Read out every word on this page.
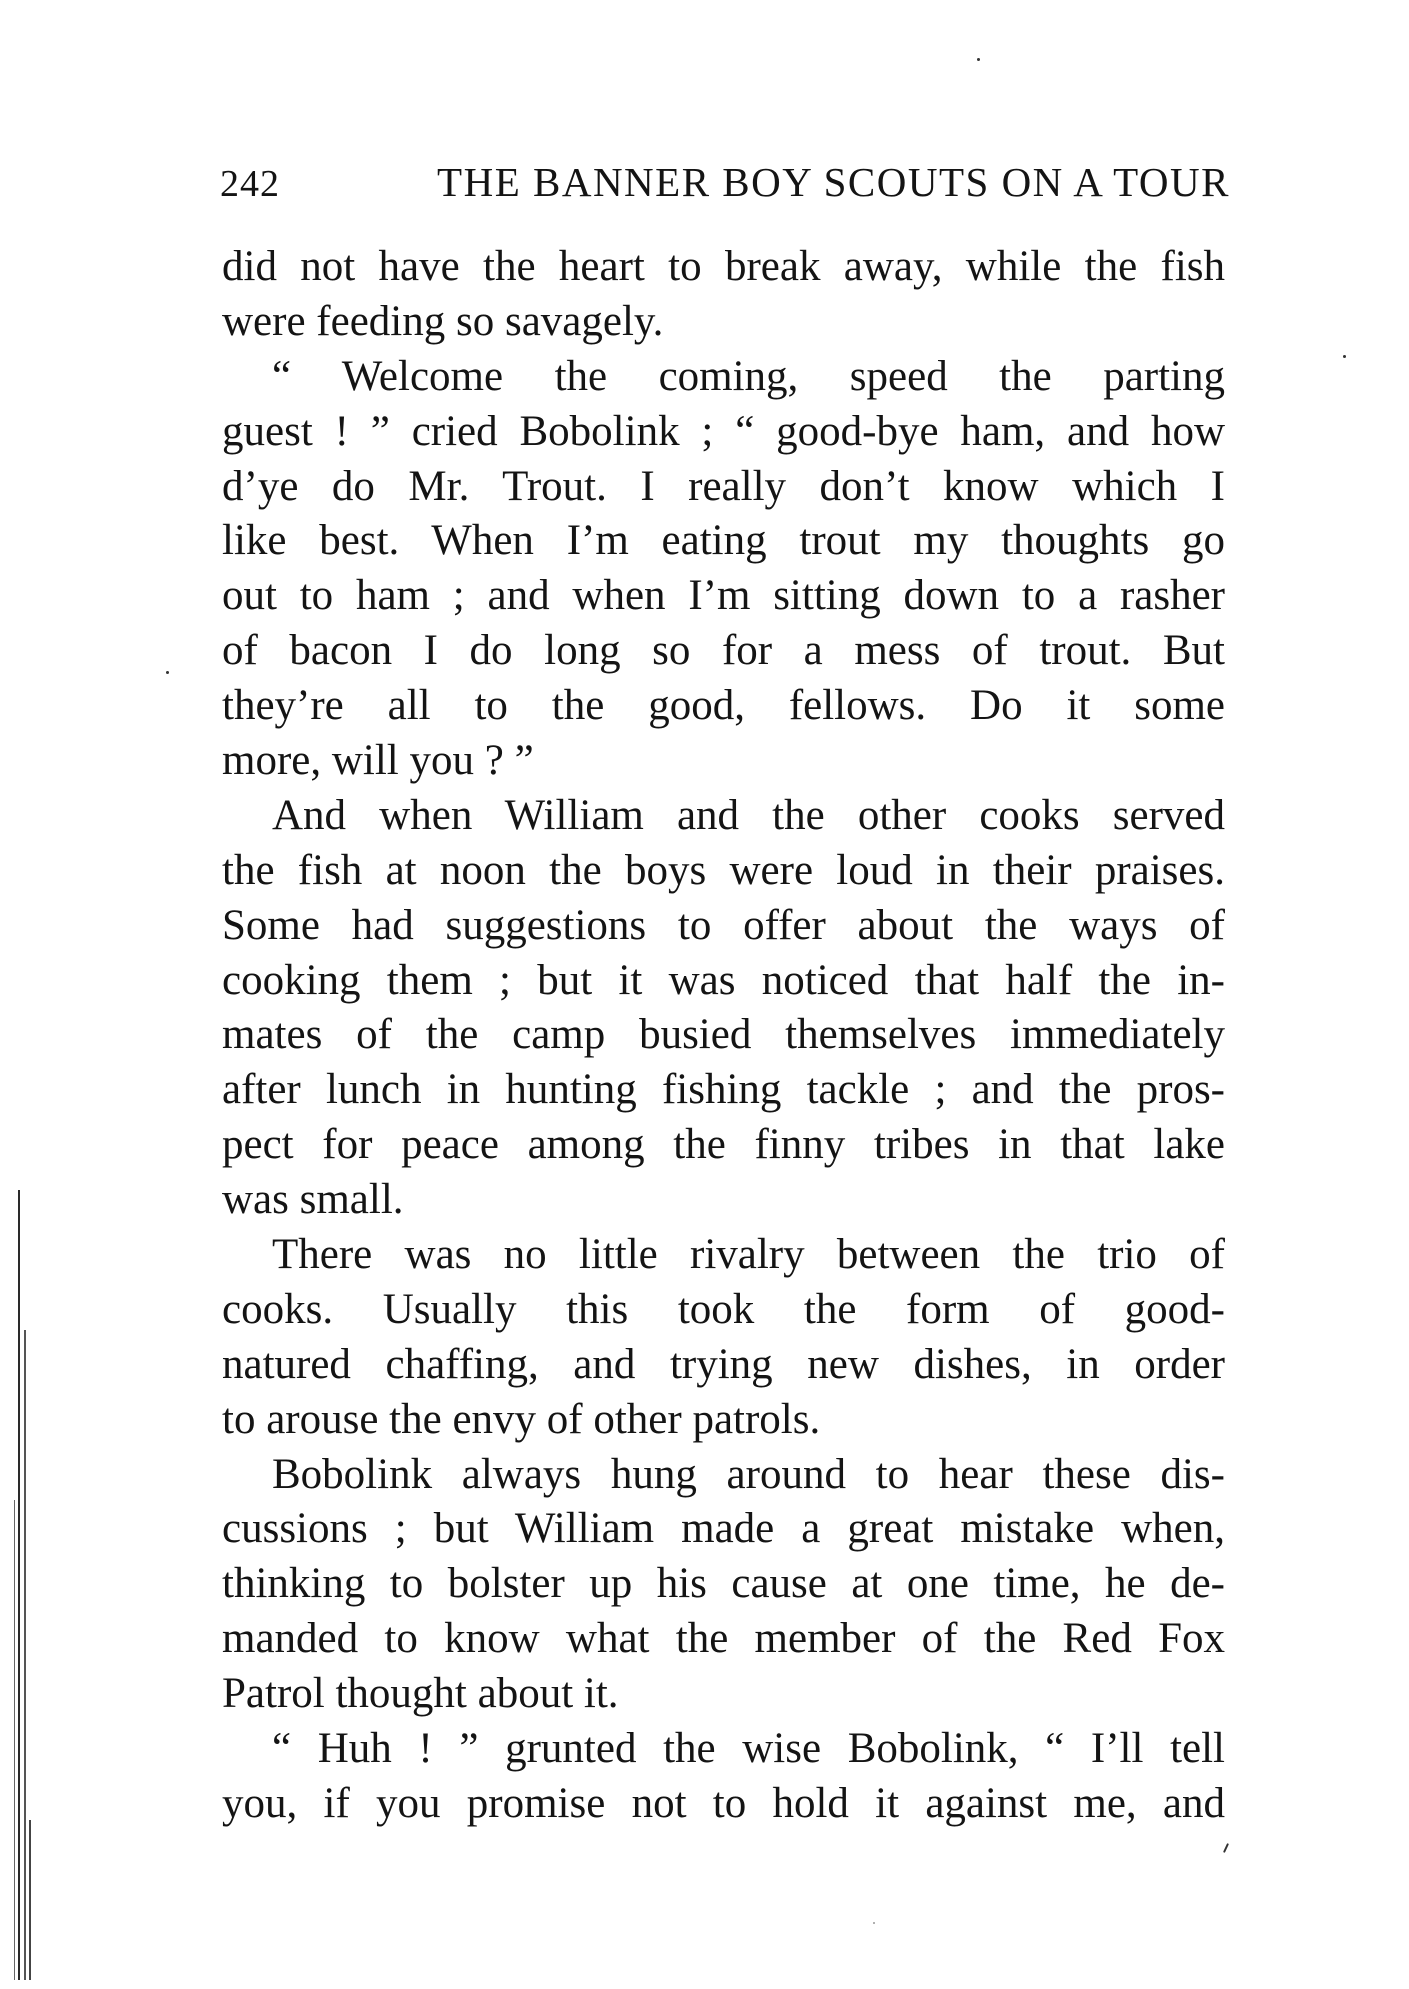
242	THE BANNER BOY SCOUTS ON A TOUR
did not have the heart to break away, while the fish
were feeding so savagely.
“ Welcome the coming, speed the parting
guest ! ” cried Bobolink ; “ good-bye ham, and how
d’ye do Mr. Trout. I really don’t know which I
like best. When I’m eating trout my thoughts go
out to ham ; and when I’m sitting down to a rasher
of bacon I do long so for a mess of trout. But
they’re all to the good, fellows. Do it some
more, will you ? ”
And when William and the other cooks served
the fish at noon the boys were loud in their praises.
Some had suggestions to offer about the ways of
cooking them ; but it was noticed that half the in-
mates of the camp busied themselves immediately
after lunch in hunting fishing tackle ; and the pros-
pect for peace among the finny tribes in that lake
was small.
There was no little rivalry between the trio of
cooks. Usually this took the form of good-
natured chaffing, and trying new dishes, in order
to arouse the envy of other patrols.
Bobolink always hung around to hear these dis-
cussions ; but William made a great mistake when,
thinking to bolster up his cause at one time, he de-
manded to know what the member of the Red Fox
Patrol thought about it.
“ Huh ! ” grunted the wise Bobolink, “ I’ll tell
you, if you promise not to hold it against me, and
